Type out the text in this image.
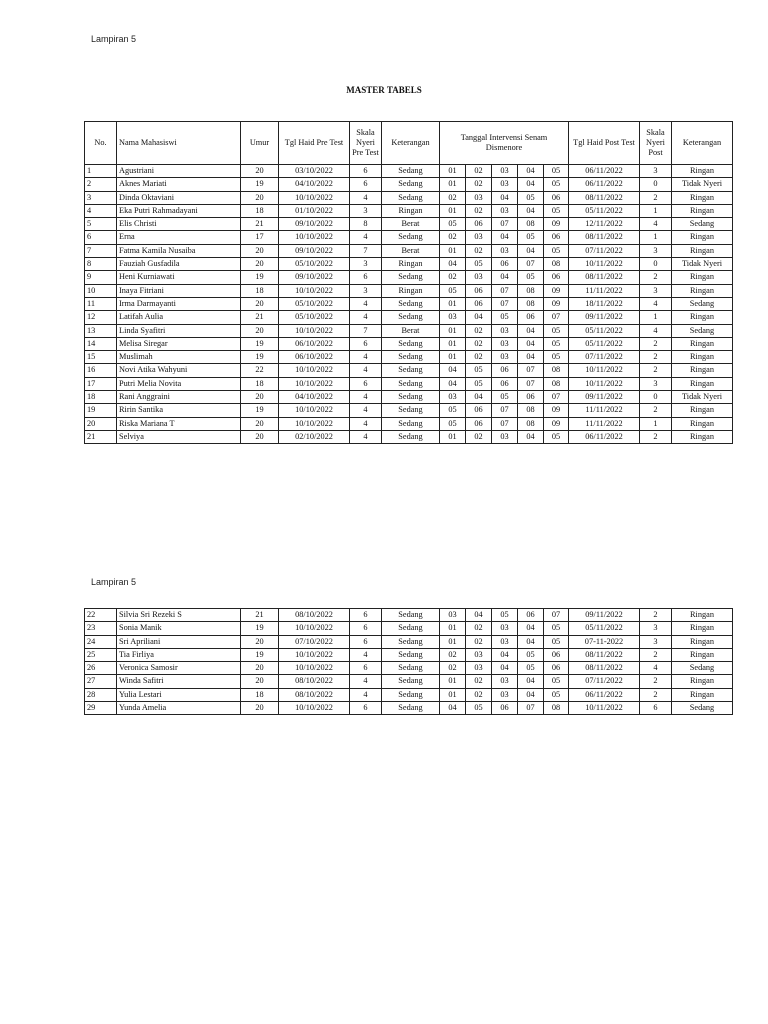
Lampiran 5
MASTER TABELS
No.	Nama Mahasiswi	Umur	Tgl Haid Pre Test	Skala Nyeri Pre Test	Keterangan	Tanggal Intervensi Senam Dismenore					Tgl Haid Post Test	Skala Nyeri Post	Keterangan
1	Agustriani	20	03/10/2022	6	Sedang	01	02	03	04	05	06/11/2022	3	Ringan
2	Aknes Mariati	19	04/10/2022	6	Sedang	01	02	03	04	05	06/11/2022	0	Tidak Nyeri
3	Dinda Oktaviani	20	10/10/2022	4	Sedang	02	03	04	05	06	08/11/2022	2	Ringan
4	Eka Putri Rahmadayani	18	01/10/2022	3	Ringan	01	02	03	04	05	05/11/2022	1	Ringan
5	Elis Christi	21	09/10/2022	8	Berat	05	06	07	08	09	12/11/2022	4	Sedang
6	Erna	17	10/10/2022	4	Sedang	02	03	04	05	06	08/11/2022	1	Ringan
7	Fatma Kamila Nusaiba	20	09/10/2022	7	Berat	01	02	03	04	05	07/11/2022	3	Ringan
8	Fauziah Gusfadila	20	05/10/2022	3	Ringan	04	05	06	07	08	10/11/2022	0	Tidak Nyeri
9	Heni Kurniawati	19	09/10/2022	6	Sedang	02	03	04	05	06	08/11/2022	2	Ringan
10	Inaya Fitriani	18	10/10/2022	3	Ringan	05	06	07	08	09	11/11/2022	3	Ringan
11	Irma Darmayanti	20	05/10/2022	4	Sedang	01	06	07	08	09	18/11/2022	4	Sedang
12	Latifah Aulia	21	05/10/2022	4	Sedang	03	04	05	06	07	09/11/2022	1	Ringan
13	Linda Syafitri	20	10/10/2022	7	Berat	01	02	03	04	05	05/11/2022	4	Sedang
14	Melisa Siregar	19	06/10/2022	6	Sedang	01	02	03	04	05	05/11/2022	2	Ringan
15	Muslimah	19	06/10/2022	4	Sedang	01	02	03	04	05	07/11/2022	2	Ringan
16	Novi Atika Wahyuni	22	10/10/2022	4	Sedang	04	05	06	07	08	10/11/2022	2	Ringan
17	Putri Melia Novita	18	10/10/2022	6	Sedang	04	05	06	07	08	10/11/2022	3	Ringan
18	Rani Anggraini	20	04/10/2022	4	Sedang	03	04	05	06	07	09/11/2022	0	Tidak Nyeri
19	Ririn Santika	19	10/10/2022	4	Sedang	05	06	07	08	09	11/11/2022	2	Ringan
20	Riska Mariana T	20	10/10/2022	4	Sedang	05	06	07	08	09	11/11/2022	1	Ringan
21	Selviya	20	02/10/2022	4	Sedang	01	02	03	04	05	06/11/2022	2	Ringan
Lampiran 5
22	Silvia Sri Rezeki S	21	08/10/2022	6	Sedang	03	04	05	06	07	09/11/2022	2	Ringan
23	Sonia Manik	19	10/10/2022	6	Sedang	01	02	03	04	05	05/11/2022	3	Ringan
24	Sri Apriliani	20	07/10/2022	6	Sedang	01	02	03	04	05	07-11-2022	3	Ringan
25	Tia Firliya	19	10/10/2022	4	Sedang	02	03	04	05	06	08/11/2022	2	Ringan
26	Veronica Samosir	20	10/10/2022	6	Sedang	02	03	04	05	06	08/11/2022	4	Sedang
27	Winda Safitri	20	08/10/2022	4	Sedang	01	02	03	04	05	07/11/2022	2	Ringan
28	Yulia Lestari	18	08/10/2022	4	Sedang	01	02	03	04	05	06/11/2022	2	Ringan
29	Yunda Amelia	20	10/10/2022	6	Sedang	04	05	06	07	08	10/11/2022	6	Sedang
